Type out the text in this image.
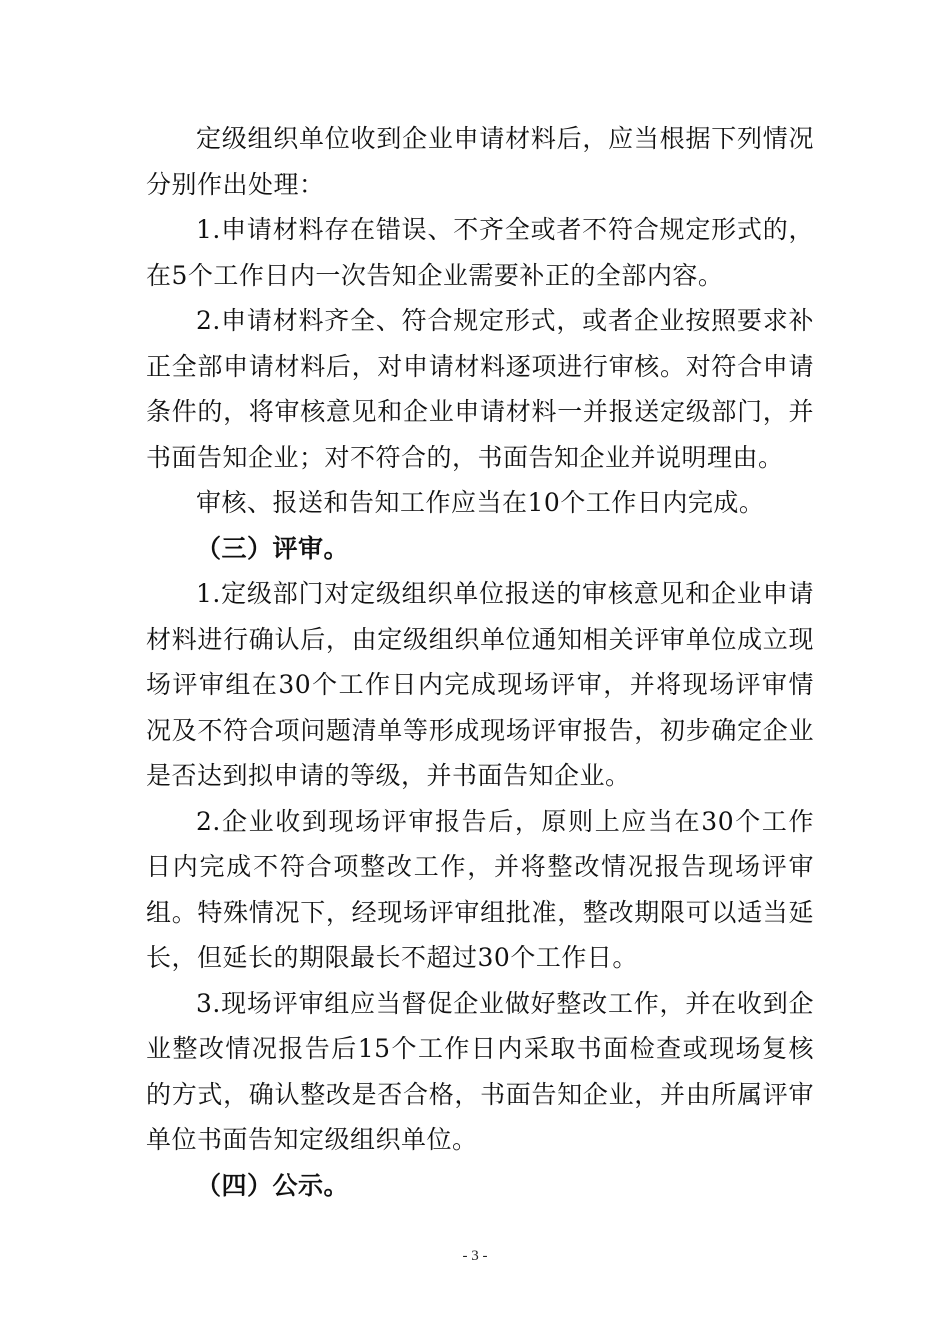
定级组织单位收到企业申请材料后，应当根据下列情况分别作出处理：

1.申请材料存在错误、不齐全或者不符合规定形式的，在5个工作日内一次告知企业需要补正的全部内容。

2.申请材料齐全、符合规定形式，或者企业按照要求补正全部申请材料后，对申请材料逐项进行审核。对符合申请条件的，将审核意见和企业申请材料一并报送定级部门，并书面告知企业；对不符合的，书面告知企业并说明理由。

审核、报送和告知工作应当在10个工作日内完成。

（三）评审。

1.定级部门对定级组织单位报送的审核意见和企业申请材料进行确认后，由定级组织单位通知相关评审单位成立现场评审组在30个工作日内完成现场评审，并将现场评审情况及不符合项问题清单等形成现场评审报告，初步确定企业是否达到拟申请的等级，并书面告知企业。

2.企业收到现场评审报告后，原则上应当在30个工作日内完成不符合项整改工作，并将整改情况报告现场评审组。特殊情况下，经现场评审组批准，整改期限可以适当延长，但延长的期限最长不超过30个工作日。

3.现场评审组应当督促企业做好整改工作，并在收到企业整改情况报告后15个工作日内采取书面检查或现场复核的方式，确认整改是否合格，书面告知企业，并由所属评审单位书面告知定级组织单位。

（四）公示。

- 3 -
